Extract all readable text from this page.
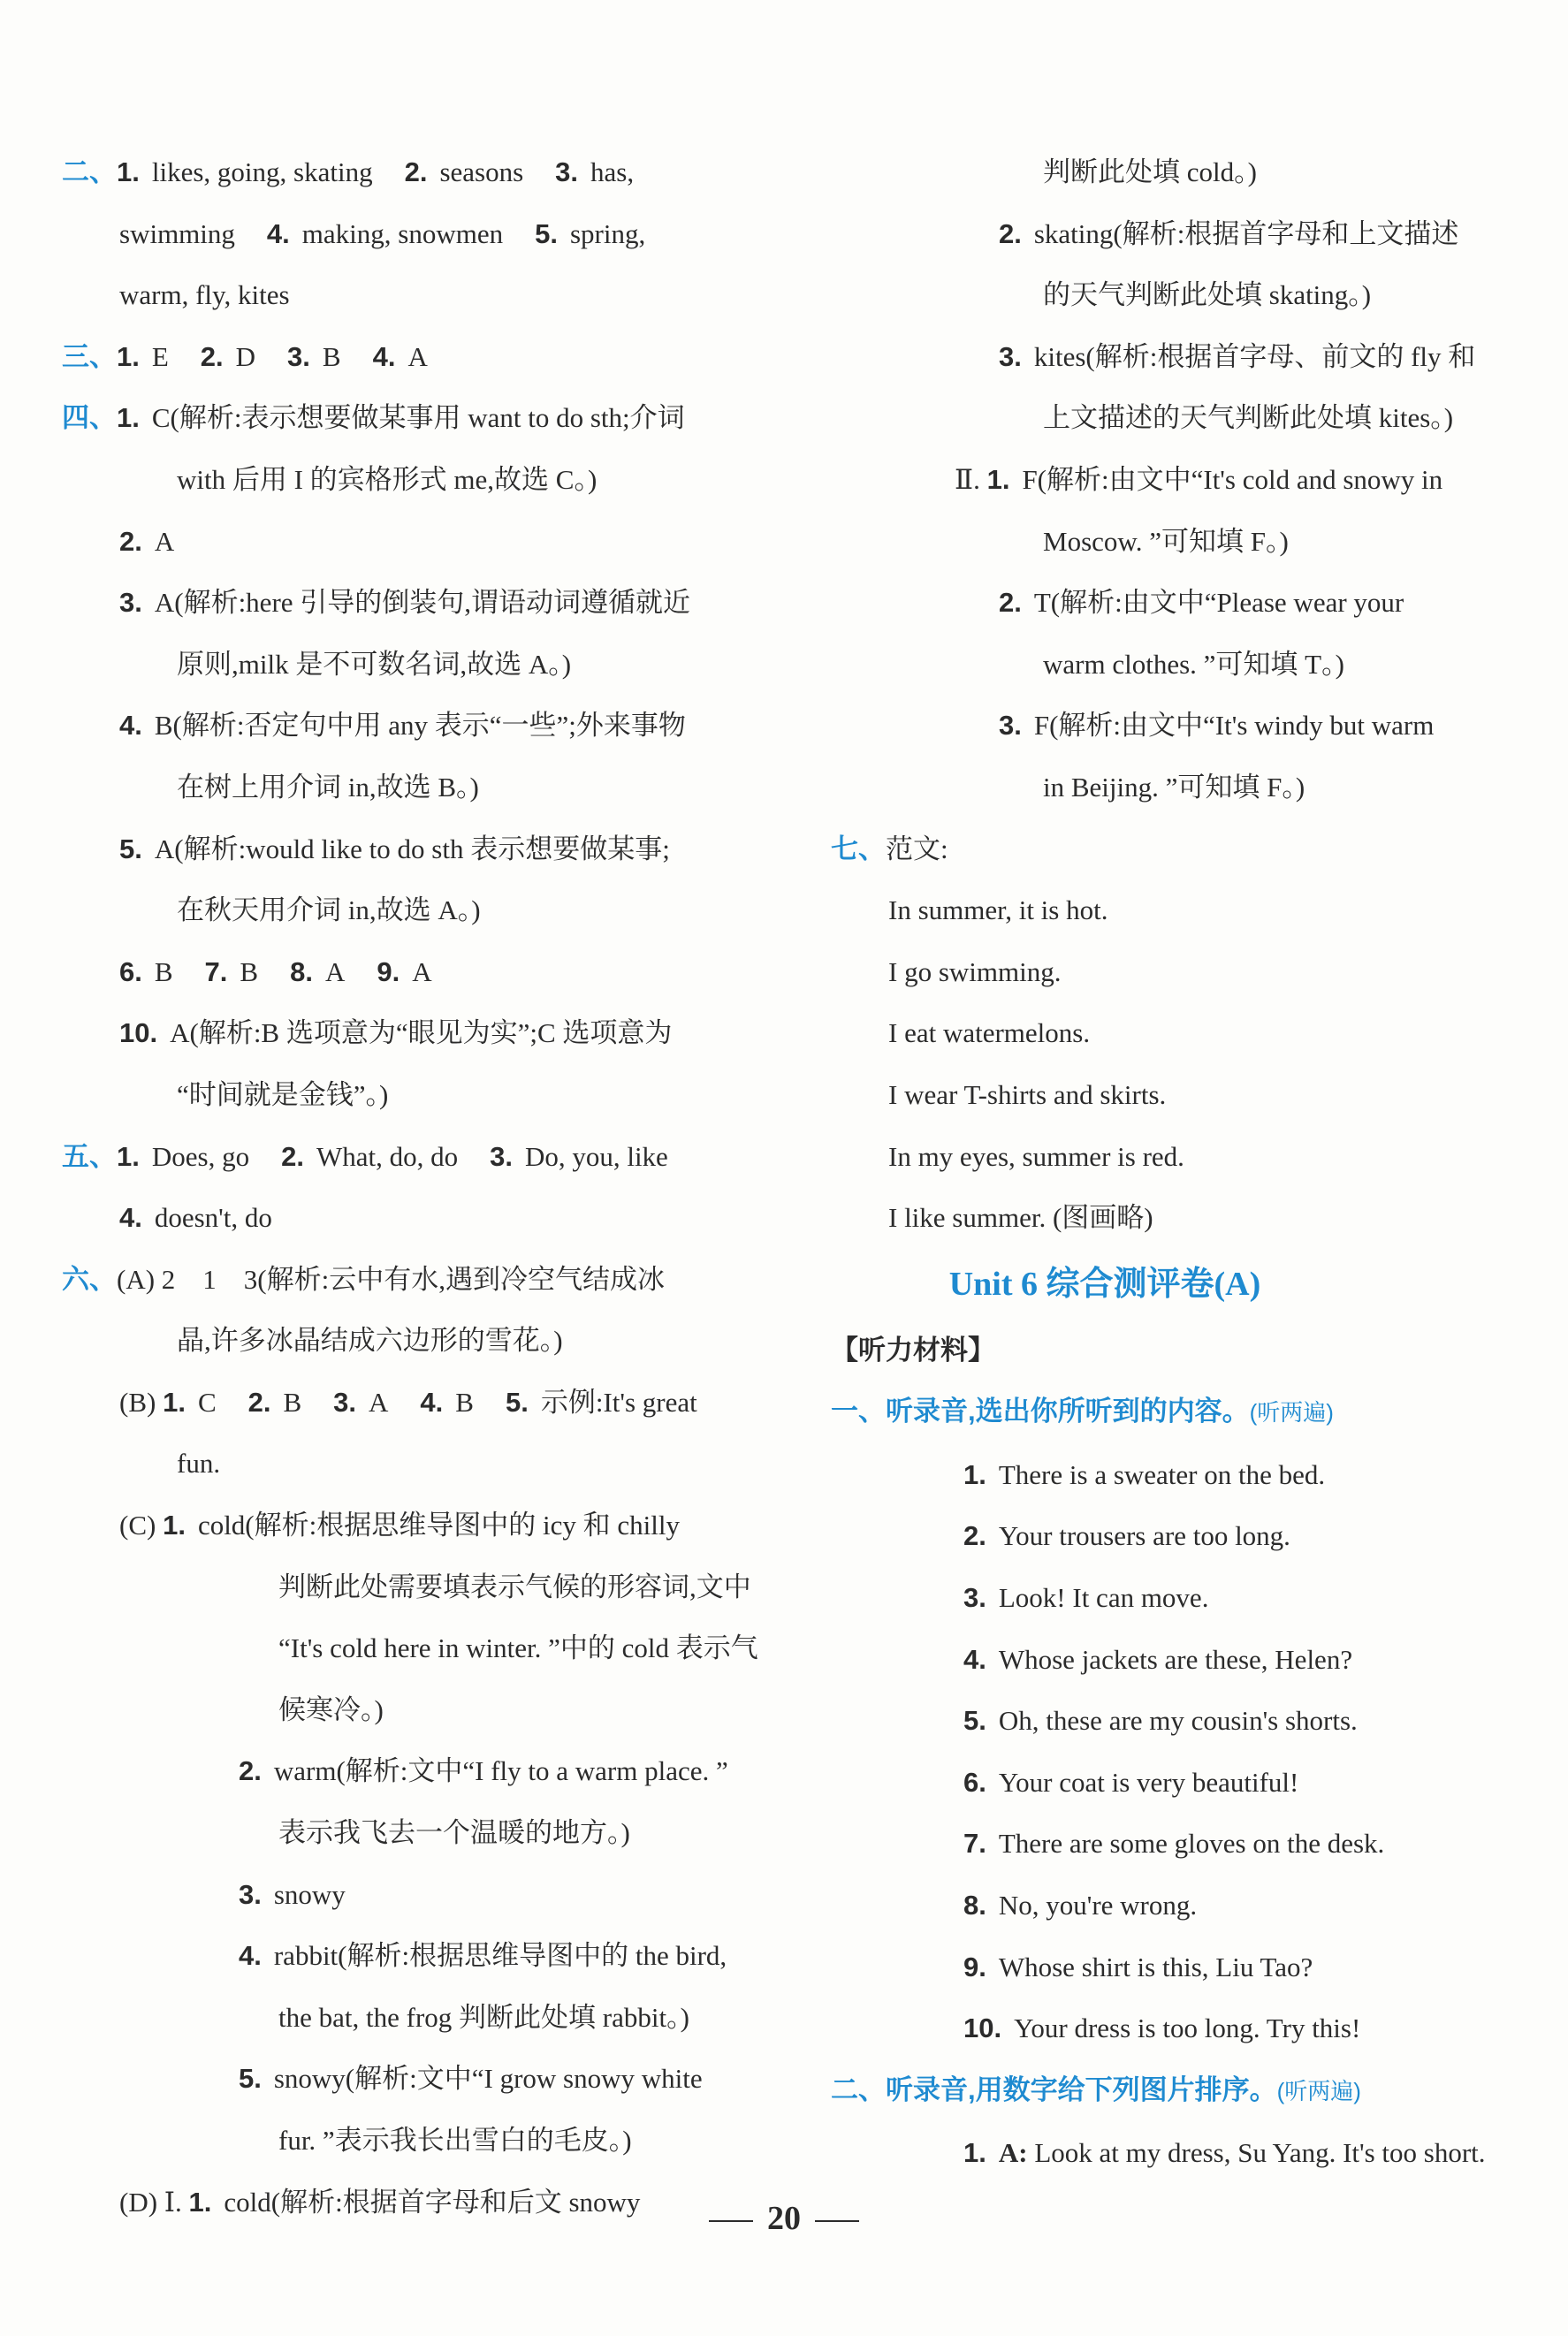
二、1. likes, going, skating 2. seasons 3. has,
swimming 4. making, snowmen 5. spring,
warm, fly, kites
三、1. E 2. D 3. B 4. A
四、1. C(解析:表示想要做某事用 want to do sth;介词
with 后用 I 的宾格形式 me,故选 C。)
2. A
3. A(解析:here 引导的倒装句,谓语动词遵循就近
原则,milk 是不可数名词,故选 A。)
4. B(解析:否定句中用 any 表示“一些”;外来事物
在树上用介词 in,故选 B。)
5. A(解析:would like to do sth 表示想要做某事;
在秋天用介词 in,故选 A。)
6. B 7. B 8. A 9. A
10. A(解析:B 选项意为“眼见为实”;C 选项意为
“时间就是金钱”。)
五、1. Does, go 2. What, do, do 3. Do, you, like
4. doesn't, do
六、(A) 2　1　3(解析:云中有水,遇到冷空气结成冰
晶,许多冰晶结成六边形的雪花。)
(B) 1. C 2. B 3. A 4. B 5. 示例:It's great
fun.
(C) 1. cold(解析:根据思维导图中的 icy 和 chilly
判断此处需要填表示气候的形容词,文中
“It's cold here in winter. ”中的 cold 表示气
候寒冷。)
2. warm(解析:文中“I fly to a warm place. ”
表示我飞去一个温暖的地方。)
3. snowy
4. rabbit(解析:根据思维导图中的 the bird,
the bat, the frog 判断此处填 rabbit。)
5. snowy(解析:文中“I grow snowy white
fur. ”表示我长出雪白的毛皮。)
(D) Ⅰ. 1. cold(解析:根据首字母和后文 snowy
判断此处填 cold。)
2. skating(解析:根据首字母和上文描述
的天气判断此处填 skating。)
3. kites(解析:根据首字母、前文的 fly 和
上文描述的天气判断此处填 kites。)
Ⅱ. 1. F(解析:由文中“It's cold and snowy in
Moscow. ”可知填 F。)
2. T(解析:由文中“Please wear your
warm clothes. ”可知填 T。)
3. F(解析:由文中“It's windy but warm
in Beijing. ”可知填 F。)
七、范文:
In summer, it is hot.
I go swimming.
I eat watermelons.
I wear T-shirts and skirts.
In my eyes, summer is red.
I like summer. (图画略)
Unit 6 综合测评卷(A)
【听力材料】
一、听录音,选出你所听到的内容。(听两遍)
1. There is a sweater on the bed.
2. Your trousers are too long.
3. Look! It can move.
4. Whose jackets are these, Helen?
5. Oh, these are my cousin's shorts.
6. Your coat is very beautiful!
7. There are some gloves on the desk.
8. No, you're wrong.
9. Whose shirt is this, Liu Tao?
10. Your dress is too long. Try this!
二、听录音,用数字给下列图片排序。(听两遍)
1. A: Look at my dress, Su Yang. It's too short.
20
